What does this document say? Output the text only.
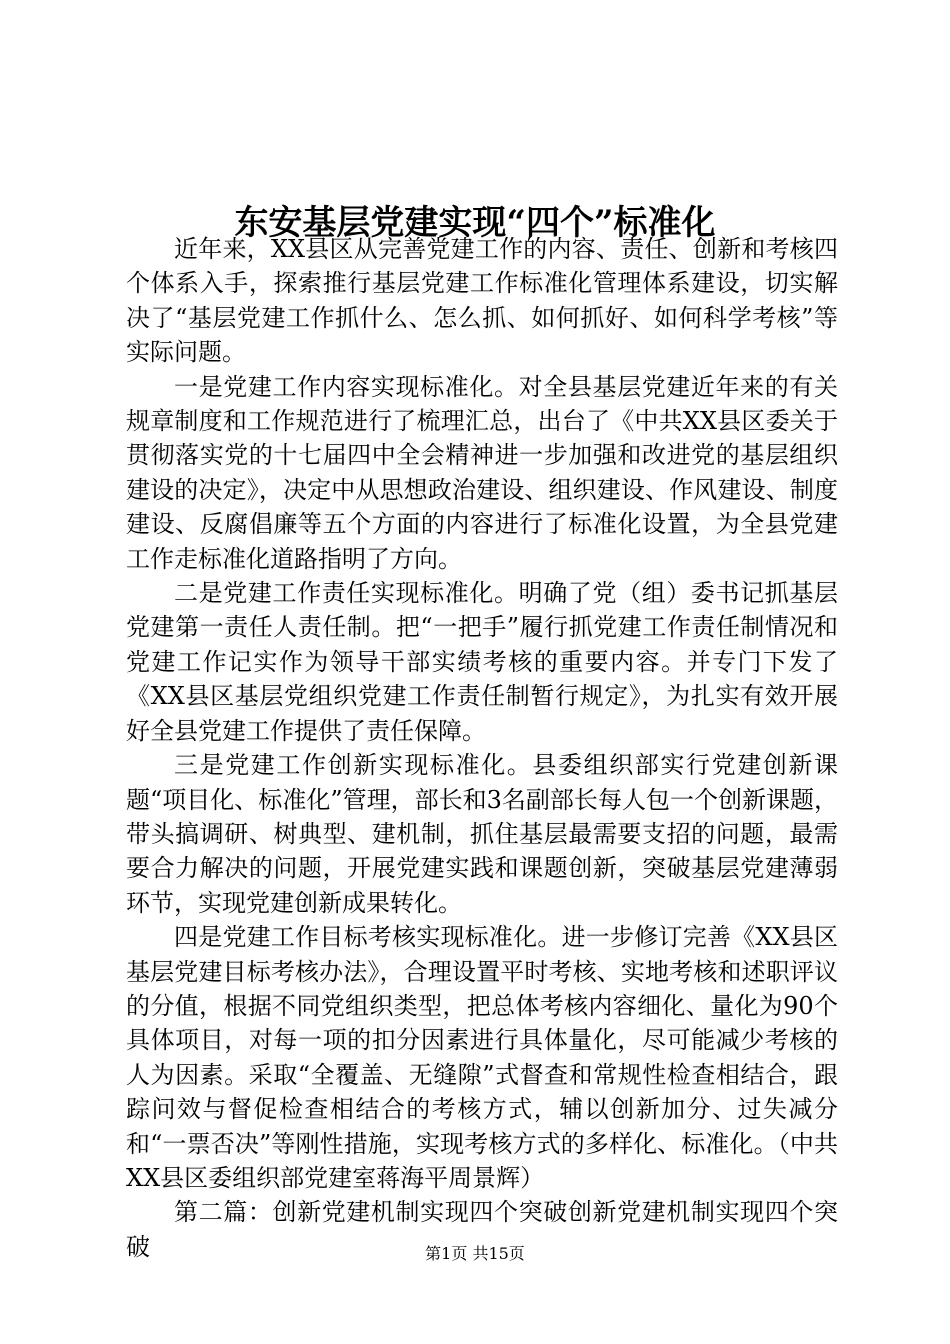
东安基层党建实现“四个”标准化

近年来，XX县区从完善党建工作的内容、责任、创新和考核四个体系入手，探索推行基层党建工作标准化管理体系建设，切实解决了“基层党建工作抓什么、怎么抓、如何抓好、如何科学考核”等实际问题。

一是党建工作内容实现标准化。对全县基层党建近年来的有关规章制度和工作规范进行了梳理汇总，出台了《中共XX县区委关于贯彻落实党的十七届四中全会精神进一步加强和改进党的基层组织建设的决定》，决定中从思想政治建设、组织建设、作风建设、制度建设、反腐倡廉等五个方面的内容进行了标准化设置，为全县党建工作走标准化道路指明了方向。

二是党建工作责任实现标准化。明确了党（组）委书记抓基层党建第一责任人责任制。把“一把手”履行抓党建工作责任制情况和党建工作记实作为领导干部实绩考核的重要内容。并专门下发了《XX县区基层党组织党建工作责任制暂行规定》，为扎实有效开展好全县党建工作提供了责任保障。

三是党建工作创新实现标准化。县委组织部实行党建创新课题“项目化、标准化”管理，部长和3名副部长每人包一个创新课题，带头搞调研、树典型、建机制，抓住基层最需要支招的问题，最需要合力解决的问题，开展党建实践和课题创新，突破基层党建薄弱环节，实现党建创新成果转化。

四是党建工作目标考核实现标准化。进一步修订完善《XX县区基层党建目标考核办法》，合理设置平时考核、实地考核和述职评议的分值，根据不同党组织类型，把总体考核内容细化、量化为90个具体项目，对每一项的扣分因素进行具体量化，尽可能减少考核的人为因素。采取“全覆盖、无缝隙”式督查和常规性检查相结合，跟踪问效与督促检查相结合的考核方式，辅以创新加分、过失减分和“一票否决”等刚性措施，实现考核方式的多样化、标准化。（中共XX县区委组织部党建室蒋海平周景辉）

第二篇：创新党建机制实现四个突破创新党建机制实现四个突破	第1页 共15页
